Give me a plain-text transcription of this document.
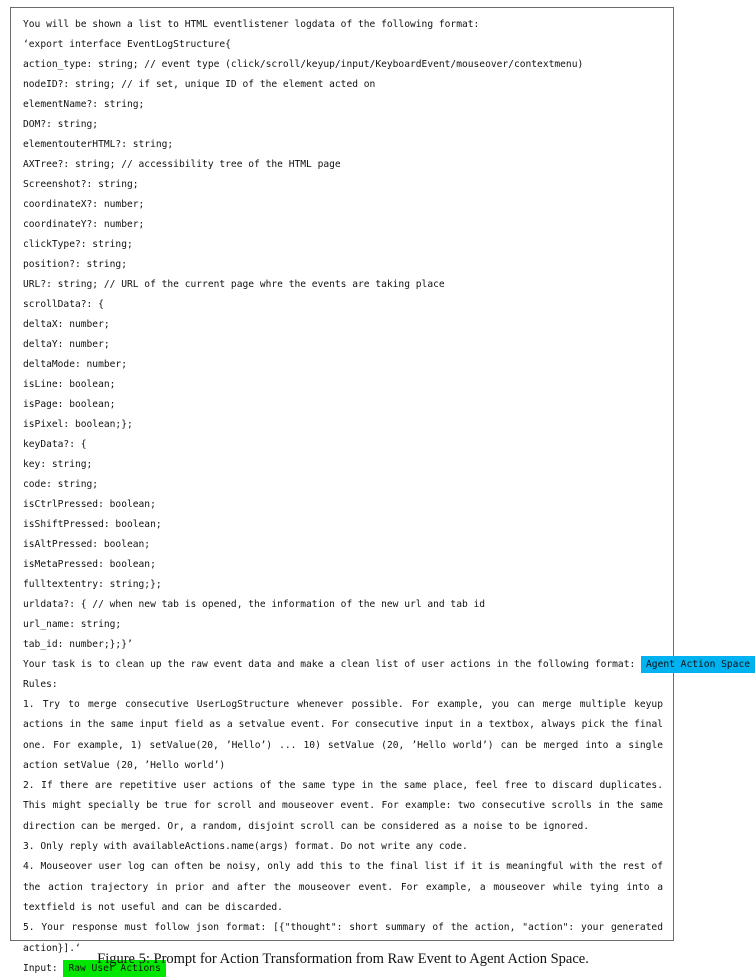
You will be shown a list to HTML eventlistener logdata of the following format:
‘export interface EventLogStructure{
action_type: string; // event type (click/scroll/keyup/input/KeyboardEvent/mouseover/contextmenu)
nodeID?: string; // if set, unique ID of the element acted on
elementName?: string;
DOM?: string;
elementouterHTML?: string;
AXTree?: string; // accessibility tree of the HTML page
Screenshot?: string;
coordinateX?: number;
coordinateY?: number;
clickType?: string;
position?: string;
URL?: string; // URL of the current page whre the events are taking place
scrollData?: {
deltaX: number;
deltaY: number;
deltaMode: number;
isLine: boolean;
isPage: boolean;
isPixel: boolean;};
keyData?: {
key: string;
code: string;
isCtrlPressed: boolean;
isShiftPressed: boolean;
isAltPressed: boolean;
isMetaPressed: boolean;
fulltextentry: string;};
urldata?: { // when new tab is opened, the information of the new url and tab id
url_name: string;
tab_id: number;};}’
Your task is to clean up the raw event data and make a clean list of user actions in the following format: Agent Action Space
Rules:
1. Try to merge consecutive UserLogStructure whenever possible. For example, you can merge multiple keyup actions in the same input field as a setvalue event. For consecutive input in a textbox, always pick the final one. For example, 1) setValue(20, ’Hello’) ... 10) setValue (20, ’Hello world’) can be merged into a single action setValue (20, ’Hello world’)
2. If there are repetitive user actions of the same type in the same place, feel free to discard duplicates. This might specially be true for scroll and mouseover event. For example: two consecutive scrolls in the same direction can be merged. Or, a random, disjoint scroll can be considered as a noise to be ignored.
3. Only reply with availableActions.name(args) format. Do not write any code.
4. Mouseover user log can often be noisy, only add this to the final list if it is meaningful with the rest of the action trajectory in prior and after the mouseover event. For example, a mouseover while tying into a textfield is not useful and can be discarded.
5. Your response must follow json format: [{"thought": short summary of the action, "action": your generated action}].‘
Input: Raw User Actions
Figure 5: Prompt for Action Transformation from Raw Event to Agent Action Space.
